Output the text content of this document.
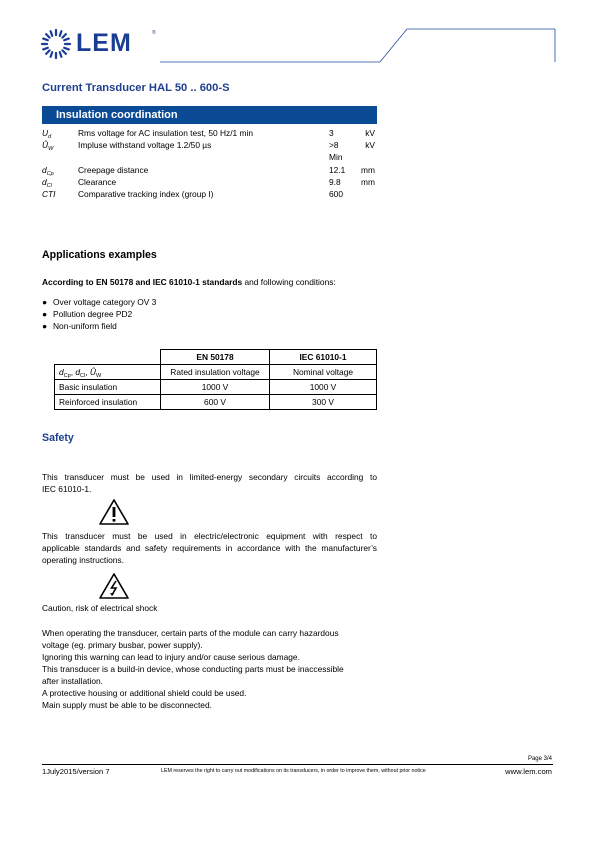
LEM	®
Current Transducer HAL 50 .. 600-S
Insulation coordination
$U_d$	Rms voltage for AC insulation test, 50 Hz/1 min	3	kV
$Û_W$	Impluse withstand voltage 1.2/50 µs	>8	kV
Min
$d_{Cp}$	Creepage distance	12.1 mm
$d_{Cl}$	Clearance	9.8 mm
CTI	Comparative tracking index (group I)	600
Applications examples
According to EN 50178 and IEC 61010-1 standards and following conditions:
● Over voltage category OV 3
● Pollution degree PD2
● Non-uniform field
	EN 50178	IEC 61010-1
$d_{Cp}$, $d_{Cl}$, $Û_W$	Rated insulation voltage	Nominal voltage
Basic insulation	1000 V	1000 V
Reinforced insulation	600 V	300 V
Safety
This transducer must be used in limited-energy secondary circuits according to
IEC 61010-1.
This transducer must be used in electric/electronic equipment with respect to
applicable standards and safety requirements in accordance with the manufacturer’s
operating instructions.
Caution, risk of electrical shock
When operating the transducer, certain parts of the module can carry hazardous
voltage (eg. primary busbar, power supply).
Ignoring this warning can lead to injury and/or cause serious damage.
This transducer is a build-in device, whose conducting parts must be inaccessible
after installation.
A protective housing or additional shield could be used.
Main supply must be able to be disconnected.
Page 3/4
1July2015/version 7	LEM reserves the right to carry out modifications on its transducers, in order to improve them, without prior notice	www.lem.com
